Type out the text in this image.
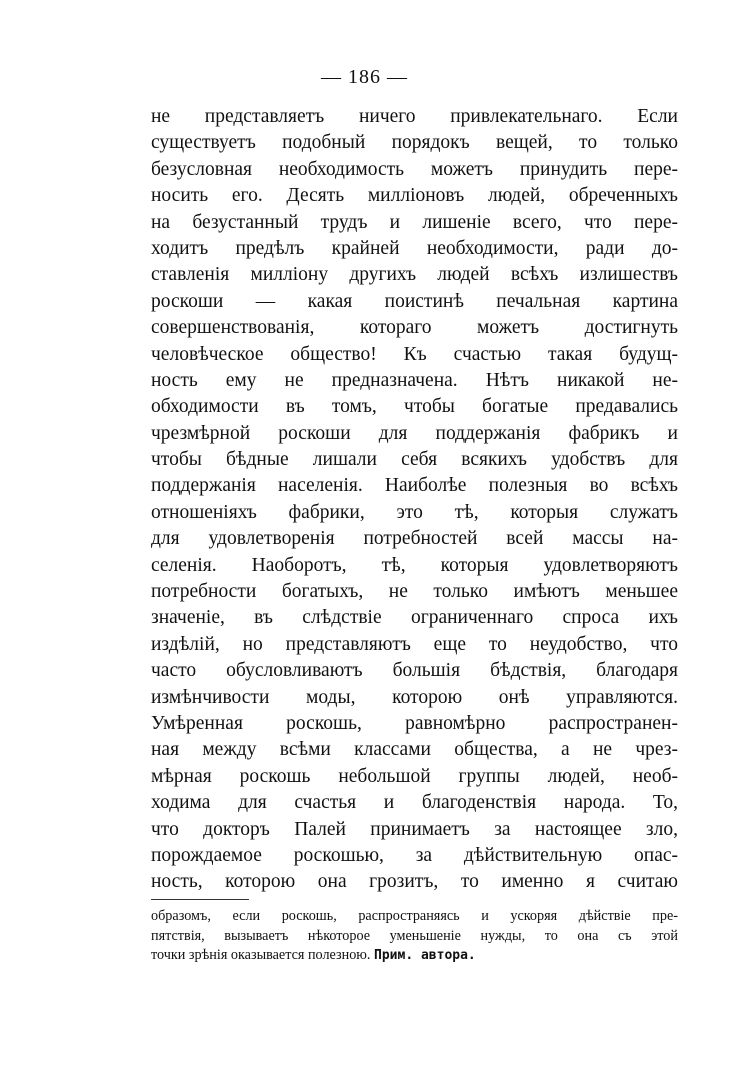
— 186 —
не представляетъ ничего привлекательнаго. Если
существуетъ подобный порядокъ вещей, то только
безусловная необходимость можетъ принудить пере-
носить его. Десять милліоновъ людей, обреченныхъ
на безустанный трудъ и лишеніе всего, что пере-
ходитъ предѣлъ крайней необходимости, ради до-
ставленія милліону другихъ людей всѣхъ излишествъ
роскоши — какая поистинѣ печальная картина
совершенствованія, котораго можетъ достигнуть
человѣческое общество! Къ счастью такая будущ-
ность ему не предназначена. Нѣтъ никакой не-
обходимости въ томъ, чтобы богатые предавались
чрезмѣрной роскоши для поддержанія фабрикъ и
чтобы бѣдные лишали себя всякихъ удобствъ для
поддержанія населенія. Наиболѣе полезныя во всѣхъ
отношеніяхъ фабрики, это тѣ, которыя служатъ
для удовлетворенія потребностей всей массы на-
селенія. Наоборотъ, тѣ, которыя удовлетворяютъ
потребности богатыхъ, не только имѣютъ меньшее
значеніе, въ слѣдствіе ограниченнаго спроса ихъ
издѣлій, но представляютъ еще то неудобство, что
часто обусловливаютъ большія бѣдствія, благодаря
измѣнчивости моды, которою онѣ управляются.
Умѣренная роскошь, равномѣрно распространен-
ная между всѣми классами общества, а не чрез-
мѣрная роскошь небольшой группы людей, необ-
ходима для счастья и благоденствія народа. То,
что докторъ Палей принимаетъ за настоящее зло,
порождаемое роскошью, за дѣйствительную опас-
ность, которою она грозитъ, то именно я считаю
образомъ, если роскошь, распространяясь и ускоряя дѣйствіе пре-
пятствія, вызываетъ нѣкоторое уменьшеніе нужды, то она съ этой
точки зрѣнія оказывается полезною. Прим. автора.
